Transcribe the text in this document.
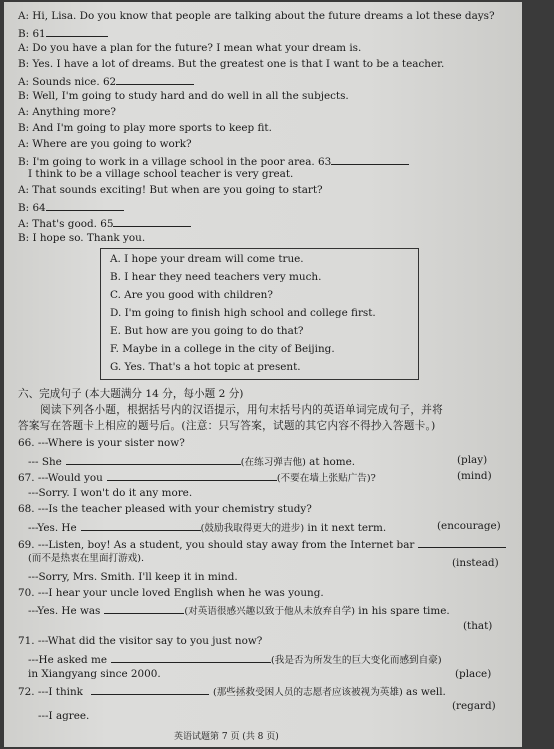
A: Hi, Lisa. Do you know that people are talking about the future dreams a lot these days?
B: 61
A: Do you have a plan for the future? I mean what your dream is.
B: Yes. I have a lot of dreams. But the greatest one is that I want to be a teacher.
A: Sounds nice. 62
B: Well, I'm going to study hard and do well in all the subjects.
A: Anything more?
B: And I'm going to play more sports to keep fit.
A: Where are you going to work?
B: I'm going to work in a village school in the poor area. 63
I think to be a village school teacher is very great.
A: That sounds exciting! But when are you going to start?
B: 64
A: That's good. 65
B: I hope so. Thank you.
A. I hope your dream will come true.
B. I hear they need teachers very much.
C. Are you good with children?
D. I'm going to finish high school and college first.
E. But how are you going to do that?
F. Maybe in a college in the city of Beijing.
G. Yes. That's a hot topic at present.
六、完成句子 (本大题满分 14 分，每小题 2 分)
阅读下列各小题，根据括号内的汉语提示，用句末括号内的英语单词完成句子，并将
答案写在答题卡上相应的题号后。(注意：只写答案，试题的其它内容不得抄入答题卡。)
66. ---Where is your sister now?
--- She	(在练习弹吉他) at home.	(play)
67. ---Would you	(不要在墙上张贴广告)?	(mind)
---Sorry. I won't do it any more.
68. ---Is the teacher pleased with your chemistry study?
---Yes. He	(鼓励我取得更大的进步) in it next term.	(encourage)
69. ---Listen, boy! As a student, you should stay away from the Internet bar
(而不是热衷在里面打游戏).	(instead)
---Sorry, Mrs. Smith. I'll keep it in mind.
70. ---I hear your uncle loved English when he was young.
---Yes. He was	(对英语很感兴趣以致于他从未放弃自学) in his spare time.
(that)
71. ---What did the visitor say to you just now?
---He asked me	(我是否为所发生的巨大变化而感到自豪)
in Xiangyang since 2000.	(place)
72. ---I think	(那些拯救受困人员的志愿者应该被视为英雄) as well.
(regard)
---I agree.
英语试题第 7 页 (共 8 页)
